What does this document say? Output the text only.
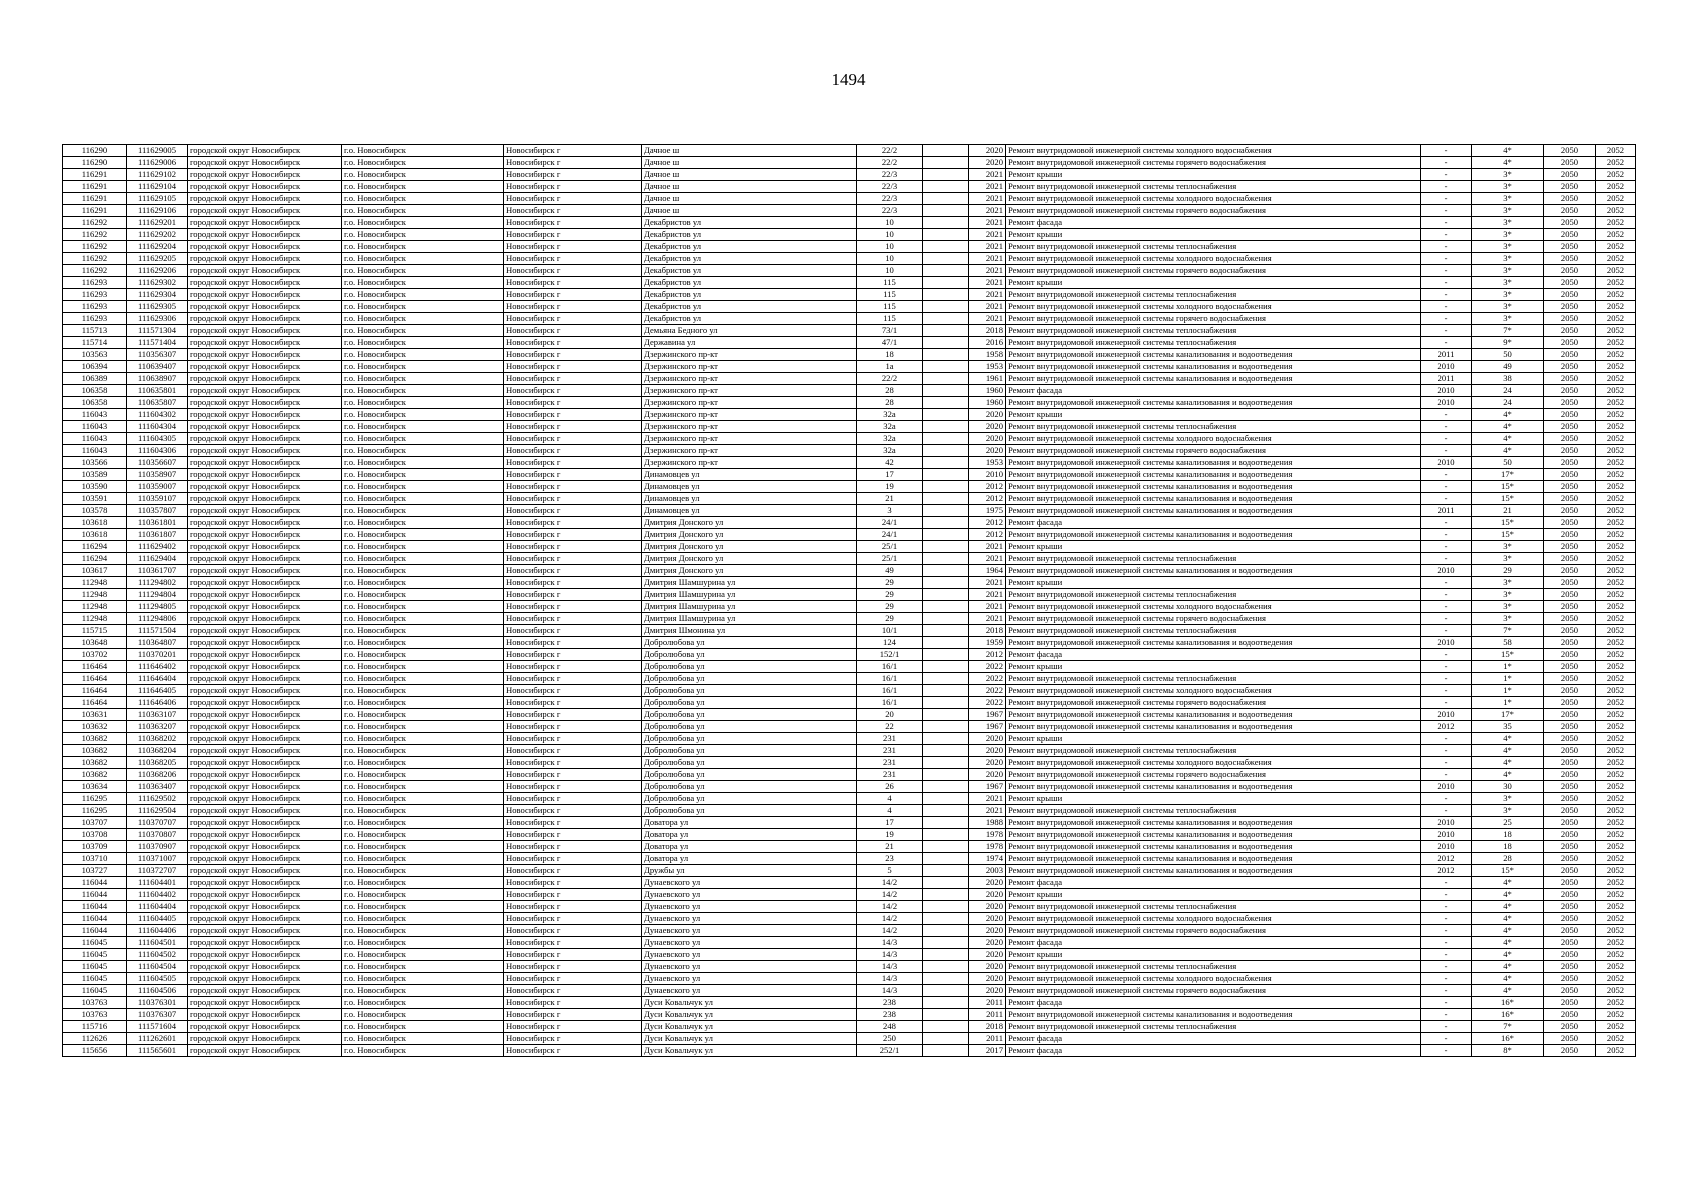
1494
116290	111629005	городской округ Новосибирск	г.о. Новосибирск	Новосибирск г	Дачное ш	22/2		2020	Ремонт внутридомовой инженерной системы холодного водоснабжения	-	4*	2050	2052
116290	111629006	городской округ Новосибирск	г.о. Новосибирск	Новосибирск г	Дачное ш	22/2		2020	Ремонт внутридомовой инженерной системы горячего водоснабжения	-	4*	2050	2052
116291	111629102	городской округ Новосибирск	г.о. Новосибирск	Новосибирск г	Дачное ш	22/3		2021	Ремонт крыши	-	3*	2050	2052
116291	111629104	городской округ Новосибирск	г.о. Новосибирск	Новосибирск г	Дачное ш	22/3		2021	Ремонт внутридомовой инженерной системы теплоснабжения	-	3*	2050	2052
116291	111629105	городской округ Новосибирск	г.о. Новосибирск	Новосибирск г	Дачное ш	22/3		2021	Ремонт внутридомовой инженерной системы холодного водоснабжения	-	3*	2050	2052
116291	111629106	городской округ Новосибирск	г.о. Новосибирск	Новосибирск г	Дачное ш	22/3		2021	Ремонт внутридомовой инженерной системы горячего водоснабжения	-	3*	2050	2052
116292	111629201	городской округ Новосибирск	г.о. Новосибирск	Новосибирск г	Декабристов ул	10		2021	Ремонт фасада	-	3*	2050	2052
116292	111629202	городской округ Новосибирск	г.о. Новосибирск	Новосибирск г	Декабристов ул	10		2021	Ремонт крыши	-	3*	2050	2052
116292	111629204	городской округ Новосибирск	г.о. Новосибирск	Новосибирск г	Декабристов ул	10		2021	Ремонт внутридомовой инженерной системы теплоснабжения	-	3*	2050	2052
116292	111629205	городской округ Новосибирск	г.о. Новосибирск	Новосибирск г	Декабристов ул	10		2021	Ремонт внутридомовой инженерной системы холодного водоснабжения	-	3*	2050	2052
116292	111629206	городской округ Новосибирск	г.о. Новосибирск	Новосибирск г	Декабристов ул	10		2021	Ремонт внутридомовой инженерной системы горячего водоснабжения	-	3*	2050	2052
116293	111629302	городской округ Новосибирск	г.о. Новосибирск	Новосибирск г	Декабристов ул	115		2021	Ремонт крыши	-	3*	2050	2052
116293	111629304	городской округ Новосибирск	г.о. Новосибирск	Новосибирск г	Декабристов ул	115		2021	Ремонт внутридомовой инженерной системы теплоснабжения	-	3*	2050	2052
116293	111629305	городской округ Новосибирск	г.о. Новосибирск	Новосибирск г	Декабристов ул	115		2021	Ремонт внутридомовой инженерной системы холодного водоснабжения	-	3*	2050	2052
116293	111629306	городской округ Новосибирск	г.о. Новосибирск	Новосибирск г	Декабристов ул	115		2021	Ремонт внутридомовой инженерной системы горячего водоснабжения	-	3*	2050	2052
115713	111571304	городской округ Новосибирск	г.о. Новосибирск	Новосибирск г	Демьяна Бедного ул	73/1		2018	Ремонт внутридомовой инженерной системы теплоснабжения	-	7*	2050	2052
115714	111571404	городской округ Новосибирск	г.о. Новосибирск	Новосибирск г	Державина ул	47/1		2016	Ремонт внутридомовой инженерной системы теплоснабжения	-	9*	2050	2052
103563	110356307	городской округ Новосибирск	г.о. Новосибирск	Новосибирск г	Дзержинского пр-кт	18		1958	Ремонт внутридомовой инженерной системы канализования и водоотведения	2011	50	2050	2052
106394	110639407	городской округ Новосибирск	г.о. Новосибирск	Новосибирск г	Дзержинского пр-кт	1а		1953	Ремонт внутридомовой инженерной системы канализования и водоотведения	2010	49	2050	2052
106389	110638907	городской округ Новосибирск	г.о. Новосибирск	Новосибирск г	Дзержинского пр-кт	22/2		1961	Ремонт внутридомовой инженерной системы канализования и водоотведения	2011	38	2050	2052
106358	110635801	городской округ Новосибирск	г.о. Новосибирск	Новосибирск г	Дзержинского пр-кт	28		1960	Ремонт фасада	2010	24	2050	2052
106358	110635807	городской округ Новосибирск	г.о. Новосибирск	Новосибирск г	Дзержинского пр-кт	28		1960	Ремонт внутридомовой инженерной системы канализования и водоотведения	2010	24	2050	2052
116043	111604302	городской округ Новосибирск	г.о. Новосибирск	Новосибирск г	Дзержинского пр-кт	32а		2020	Ремонт крыши	-	4*	2050	2052
116043	111604304	городской округ Новосибирск	г.о. Новосибирск	Новосибирск г	Дзержинского пр-кт	32а		2020	Ремонт внутридомовой инженерной системы теплоснабжения	-	4*	2050	2052
116043	111604305	городской округ Новосибирск	г.о. Новосибирск	Новосибирск г	Дзержинского пр-кт	32а		2020	Ремонт внутридомовой инженерной системы холодного водоснабжения	-	4*	2050	2052
116043	111604306	городской округ Новосибирск	г.о. Новосибирск	Новосибирск г	Дзержинского пр-кт	32а		2020	Ремонт внутридомовой инженерной системы горячего водоснабжения	-	4*	2050	2052
103566	110356607	городской округ Новосибирск	г.о. Новосибирск	Новосибирск г	Дзержинского пр-кт	42		1953	Ремонт внутридомовой инженерной системы канализования и водоотведения	2010	50	2050	2052
103589	110358907	городской округ Новосибирск	г.о. Новосибирск	Новосибирск г	Динамовцев ул	17		2010	Ремонт внутридомовой инженерной системы канализования и водоотведения	-	17*	2050	2052
103590	110359007	городской округ Новосибирск	г.о. Новосибирск	Новосибирск г	Динамовцев ул	19		2012	Ремонт внутридомовой инженерной системы канализования и водоотведения	-	15*	2050	2052
103591	110359107	городской округ Новосибирск	г.о. Новосибирск	Новосибирск г	Динамовцев ул	21		2012	Ремонт внутридомовой инженерной системы канализования и водоотведения	-	15*	2050	2052
103578	110357807	городской округ Новосибирск	г.о. Новосибирск	Новосибирск г	Динамовцев ул	3		1975	Ремонт внутридомовой инженерной системы канализования и водоотведения	2011	21	2050	2052
103618	110361801	городской округ Новосибирск	г.о. Новосибирск	Новосибирск г	Дмитрия Донского ул	24/1		2012	Ремонт фасада	-	15*	2050	2052
103618	110361807	городской округ Новосибирск	г.о. Новосибирск	Новосибирск г	Дмитрия Донского ул	24/1		2012	Ремонт внутридомовой инженерной системы канализования и водоотведения	-	15*	2050	2052
116294	111629402	городской округ Новосибирск	г.о. Новосибирск	Новосибирск г	Дмитрия Донского ул	25/1		2021	Ремонт крыши	-	3*	2050	2052
116294	111629404	городской округ Новосибирск	г.о. Новосибирск	Новосибирск г	Дмитрия Донского ул	25/1		2021	Ремонт внутридомовой инженерной системы теплоснабжения	-	3*	2050	2052
103617	110361707	городской округ Новосибирск	г.о. Новосибирск	Новосибирск г	Дмитрия Донского ул	49		1964	Ремонт внутридомовой инженерной системы канализования и водоотведения	2010	29	2050	2052
112948	111294802	городской округ Новосибирск	г.о. Новосибирск	Новосибирск г	Дмитрия Шамшурина ул	29		2021	Ремонт крыши	-	3*	2050	2052
112948	111294804	городской округ Новосибирск	г.о. Новосибирск	Новосибирск г	Дмитрия Шамшурина ул	29		2021	Ремонт внутридомовой инженерной системы теплоснабжения	-	3*	2050	2052
112948	111294805	городской округ Новосибирск	г.о. Новосибирск	Новосибирск г	Дмитрия Шамшурина ул	29		2021	Ремонт внутридомовой инженерной системы холодного водоснабжения	-	3*	2050	2052
112948	111294806	городской округ Новосибирск	г.о. Новосибирск	Новосибирск г	Дмитрия Шамшурина ул	29		2021	Ремонт внутридомовой инженерной системы горячего водоснабжения	-	3*	2050	2052
115715	111571504	городской округ Новосибирск	г.о. Новосибирск	Новосибирск г	Дмитрия Шмонина ул	10/1		2018	Ремонт внутридомовой инженерной системы теплоснабжения	-	7*	2050	2052
103648	110364807	городской округ Новосибирск	г.о. Новосибирск	Новосибирск г	Добролюбова ул	124		1959	Ремонт внутридомовой инженерной системы канализования и водоотведения	2010	58	2050	2052
103702	110370201	городской округ Новосибирск	г.о. Новосибирск	Новосибирск г	Добролюбова ул	152/1		2012	Ремонт фасада	-	15*	2050	2052
116464	111646402	городской округ Новосибирск	г.о. Новосибирск	Новосибирск г	Добролюбова ул	16/1		2022	Ремонт крыши	-	1*	2050	2052
116464	111646404	городской округ Новосибирск	г.о. Новосибирск	Новосибирск г	Добролюбова ул	16/1		2022	Ремонт внутридомовой инженерной системы теплоснабжения	-	1*	2050	2052
116464	111646405	городской округ Новосибирск	г.о. Новосибирск	Новосибирск г	Добролюбова ул	16/1		2022	Ремонт внутридомовой инженерной системы холодного водоснабжения	-	1*	2050	2052
116464	111646406	городской округ Новосибирск	г.о. Новосибирск	Новосибирск г	Добролюбова ул	16/1		2022	Ремонт внутридомовой инженерной системы горячего водоснабжения	-	1*	2050	2052
103631	110363107	городской округ Новосибирск	г.о. Новосибирск	Новосибирск г	Добролюбова ул	20		1967	Ремонт внутридомовой инженерной системы канализования и водоотведения	2010	17*	2050	2052
103632	110363207	городской округ Новосибирск	г.о. Новосибирск	Новосибирск г	Добролюбова ул	22		1967	Ремонт внутридомовой инженерной системы канализования и водоотведения	2012	35	2050	2052
103682	110368202	городской округ Новосибирск	г.о. Новосибирск	Новосибирск г	Добролюбова ул	231		2020	Ремонт крыши	-	4*	2050	2052
103682	110368204	городской округ Новосибирск	г.о. Новосибирск	Новосибирск г	Добролюбова ул	231		2020	Ремонт внутридомовой инженерной системы теплоснабжения	-	4*	2050	2052
103682	110368205	городской округ Новосибирск	г.о. Новосибирск	Новосибирск г	Добролюбова ул	231		2020	Ремонт внутридомовой инженерной системы холодного водоснабжения	-	4*	2050	2052
103682	110368206	городской округ Новосибирск	г.о. Новосибирск	Новосибирск г	Добролюбова ул	231		2020	Ремонт внутридомовой инженерной системы горячего водоснабжения	-	4*	2050	2052
103634	110363407	городской округ Новосибирск	г.о. Новосибирск	Новосибирск г	Добролюбова ул	26		1967	Ремонт внутридомовой инженерной системы канализования и водоотведения	2010	30	2050	2052
116295	111629502	городской округ Новосибирск	г.о. Новосибирск	Новосибирск г	Добролюбова ул	4		2021	Ремонт крыши	-	3*	2050	2052
116295	111629504	городской округ Новосибирск	г.о. Новосибирск	Новосибирск г	Добролюбова ул	4		2021	Ремонт внутридомовой инженерной системы теплоснабжения	-	3*	2050	2052
103707	110370707	городской округ Новосибирск	г.о. Новосибирск	Новосибирск г	Доватора ул	17		1988	Ремонт внутридомовой инженерной системы канализования и водоотведения	2010	25	2050	2052
103708	110370807	городской округ Новосибирск	г.о. Новосибирск	Новосибирск г	Доватора ул	19		1978	Ремонт внутридомовой инженерной системы канализования и водоотведения	2010	18	2050	2052
103709	110370907	городской округ Новосибирск	г.о. Новосибирск	Новосибирск г	Доватора ул	21		1978	Ремонт внутридомовой инженерной системы канализования и водоотведения	2010	18	2050	2052
103710	110371007	городской округ Новосибирск	г.о. Новосибирск	Новосибирск г	Доватора ул	23		1974	Ремонт внутридомовой инженерной системы канализования и водоотведения	2012	28	2050	2052
103727	110372707	городской округ Новосибирск	г.о. Новосибирск	Новосибирск г	Дружбы ул	5		2003	Ремонт внутридомовой инженерной системы канализования и водоотведения	2012	15*	2050	2052
116044	111604401	городской округ Новосибирск	г.о. Новосибирск	Новосибирск г	Дунаевского ул	14/2		2020	Ремонт фасада	-	4*	2050	2052
116044	111604402	городской округ Новосибирск	г.о. Новосибирск	Новосибирск г	Дунаевского ул	14/2		2020	Ремонт крыши	-	4*	2050	2052
116044	111604404	городской округ Новосибирск	г.о. Новосибирск	Новосибирск г	Дунаевского ул	14/2		2020	Ремонт внутридомовой инженерной системы теплоснабжения	-	4*	2050	2052
116044	111604405	городской округ Новосибирск	г.о. Новосибирск	Новосибирск г	Дунаевского ул	14/2		2020	Ремонт внутридомовой инженерной системы холодного водоснабжения	-	4*	2050	2052
116044	111604406	городской округ Новосибирск	г.о. Новосибирск	Новосибирск г	Дунаевского ул	14/2		2020	Ремонт внутридомовой инженерной системы горячего водоснабжения	-	4*	2050	2052
116045	111604501	городской округ Новосибирск	г.о. Новосибирск	Новосибирск г	Дунаевского ул	14/3		2020	Ремонт фасада	-	4*	2050	2052
116045	111604502	городской округ Новосибирск	г.о. Новосибирск	Новосибирск г	Дунаевского ул	14/3		2020	Ремонт крыши	-	4*	2050	2052
116045	111604504	городской округ Новосибирск	г.о. Новосибирск	Новосибирск г	Дунаевского ул	14/3		2020	Ремонт внутридомовой инженерной системы теплоснабжения	-	4*	2050	2052
116045	111604505	городской округ Новосибирск	г.о. Новосибирск	Новосибирск г	Дунаевского ул	14/3		2020	Ремонт внутридомовой инженерной системы холодного водоснабжения	-	4*	2050	2052
116045	111604506	городской округ Новосибирск	г.о. Новосибирск	Новосибирск г	Дунаевского ул	14/3		2020	Ремонт внутридомовой инженерной системы горячего водоснабжения	-	4*	2050	2052
103763	110376301	городской округ Новосибирск	г.о. Новосибирск	Новосибирск г	Дуси Ковальчук ул	238		2011	Ремонт фасада	-	16*	2050	2052
103763	110376307	городской округ Новосибирск	г.о. Новосибирск	Новосибирск г	Дуси Ковальчук ул	238		2011	Ремонт внутридомовой инженерной системы канализования и водоотведения	-	16*	2050	2052
115716	111571604	городской округ Новосибирск	г.о. Новосибирск	Новосибирск г	Дуси Ковальчук ул	248		2018	Ремонт внутридомовой инженерной системы теплоснабжения	-	7*	2050	2052
112626	111262601	городской округ Новосибирск	г.о. Новосибирск	Новосибирск г	Дуси Ковальчук ул	250		2011	Ремонт фасада	-	16*	2050	2052
115656	111565601	городской округ Новосибирск	г.о. Новосибирск	Новосибирск г	Дуси Ковальчук ул	252/1		2017	Ремонт фасада	-	8*	2050	2052
